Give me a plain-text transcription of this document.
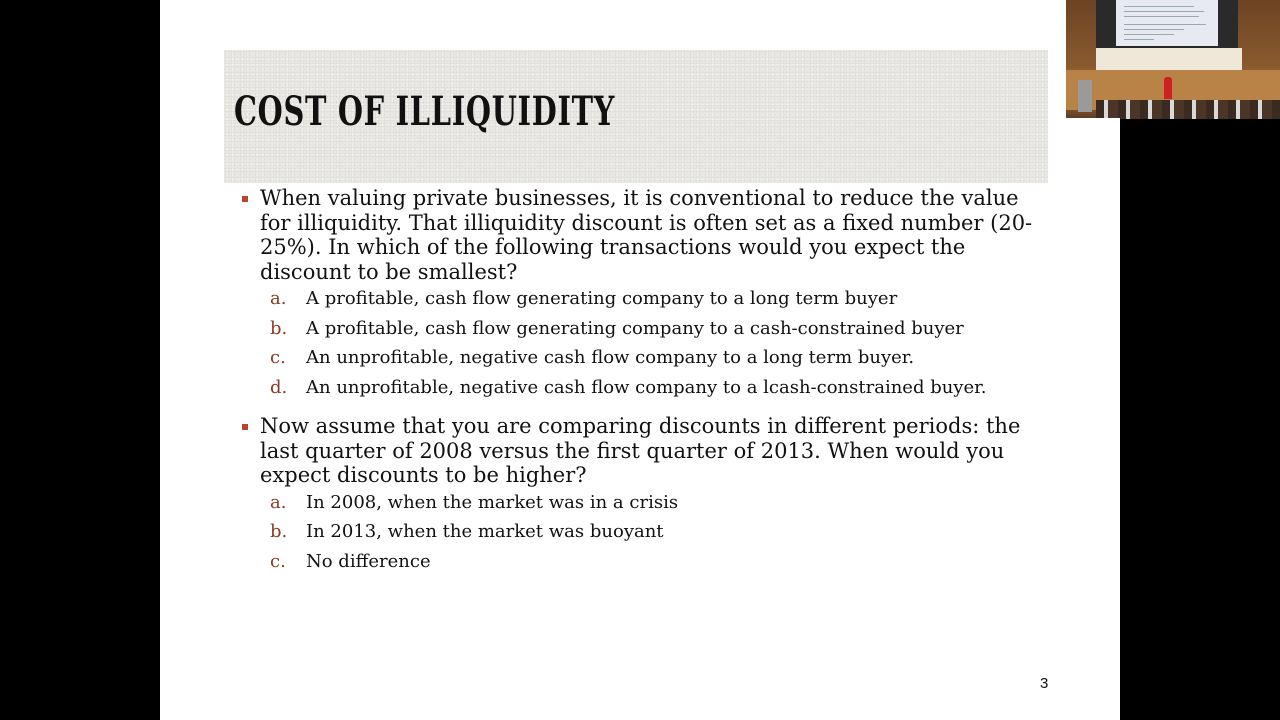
COST OF ILLIQUIDITY
When valuing private businesses, it is conventional to reduce the value for illiquidity. That illiquidity discount is often set as a fixed number (20-25%). In which of the following transactions would you expect the discount to be smallest?
a. A profitable, cash flow generating company to a long term buyer
b. A profitable, cash flow generating company to a cash-constrained buyer
c. An unprofitable, negative cash flow company to a long term buyer.
d. An unprofitable, negative cash flow company to a lcash-constrained buyer.
Now assume that you are comparing discounts in different periods: the last quarter of 2008 versus the first quarter of 2013. When would you expect discounts to be higher?
a. In 2008, when the market was in a crisis
b. In 2013, when the market was buoyant
c. No difference
3
